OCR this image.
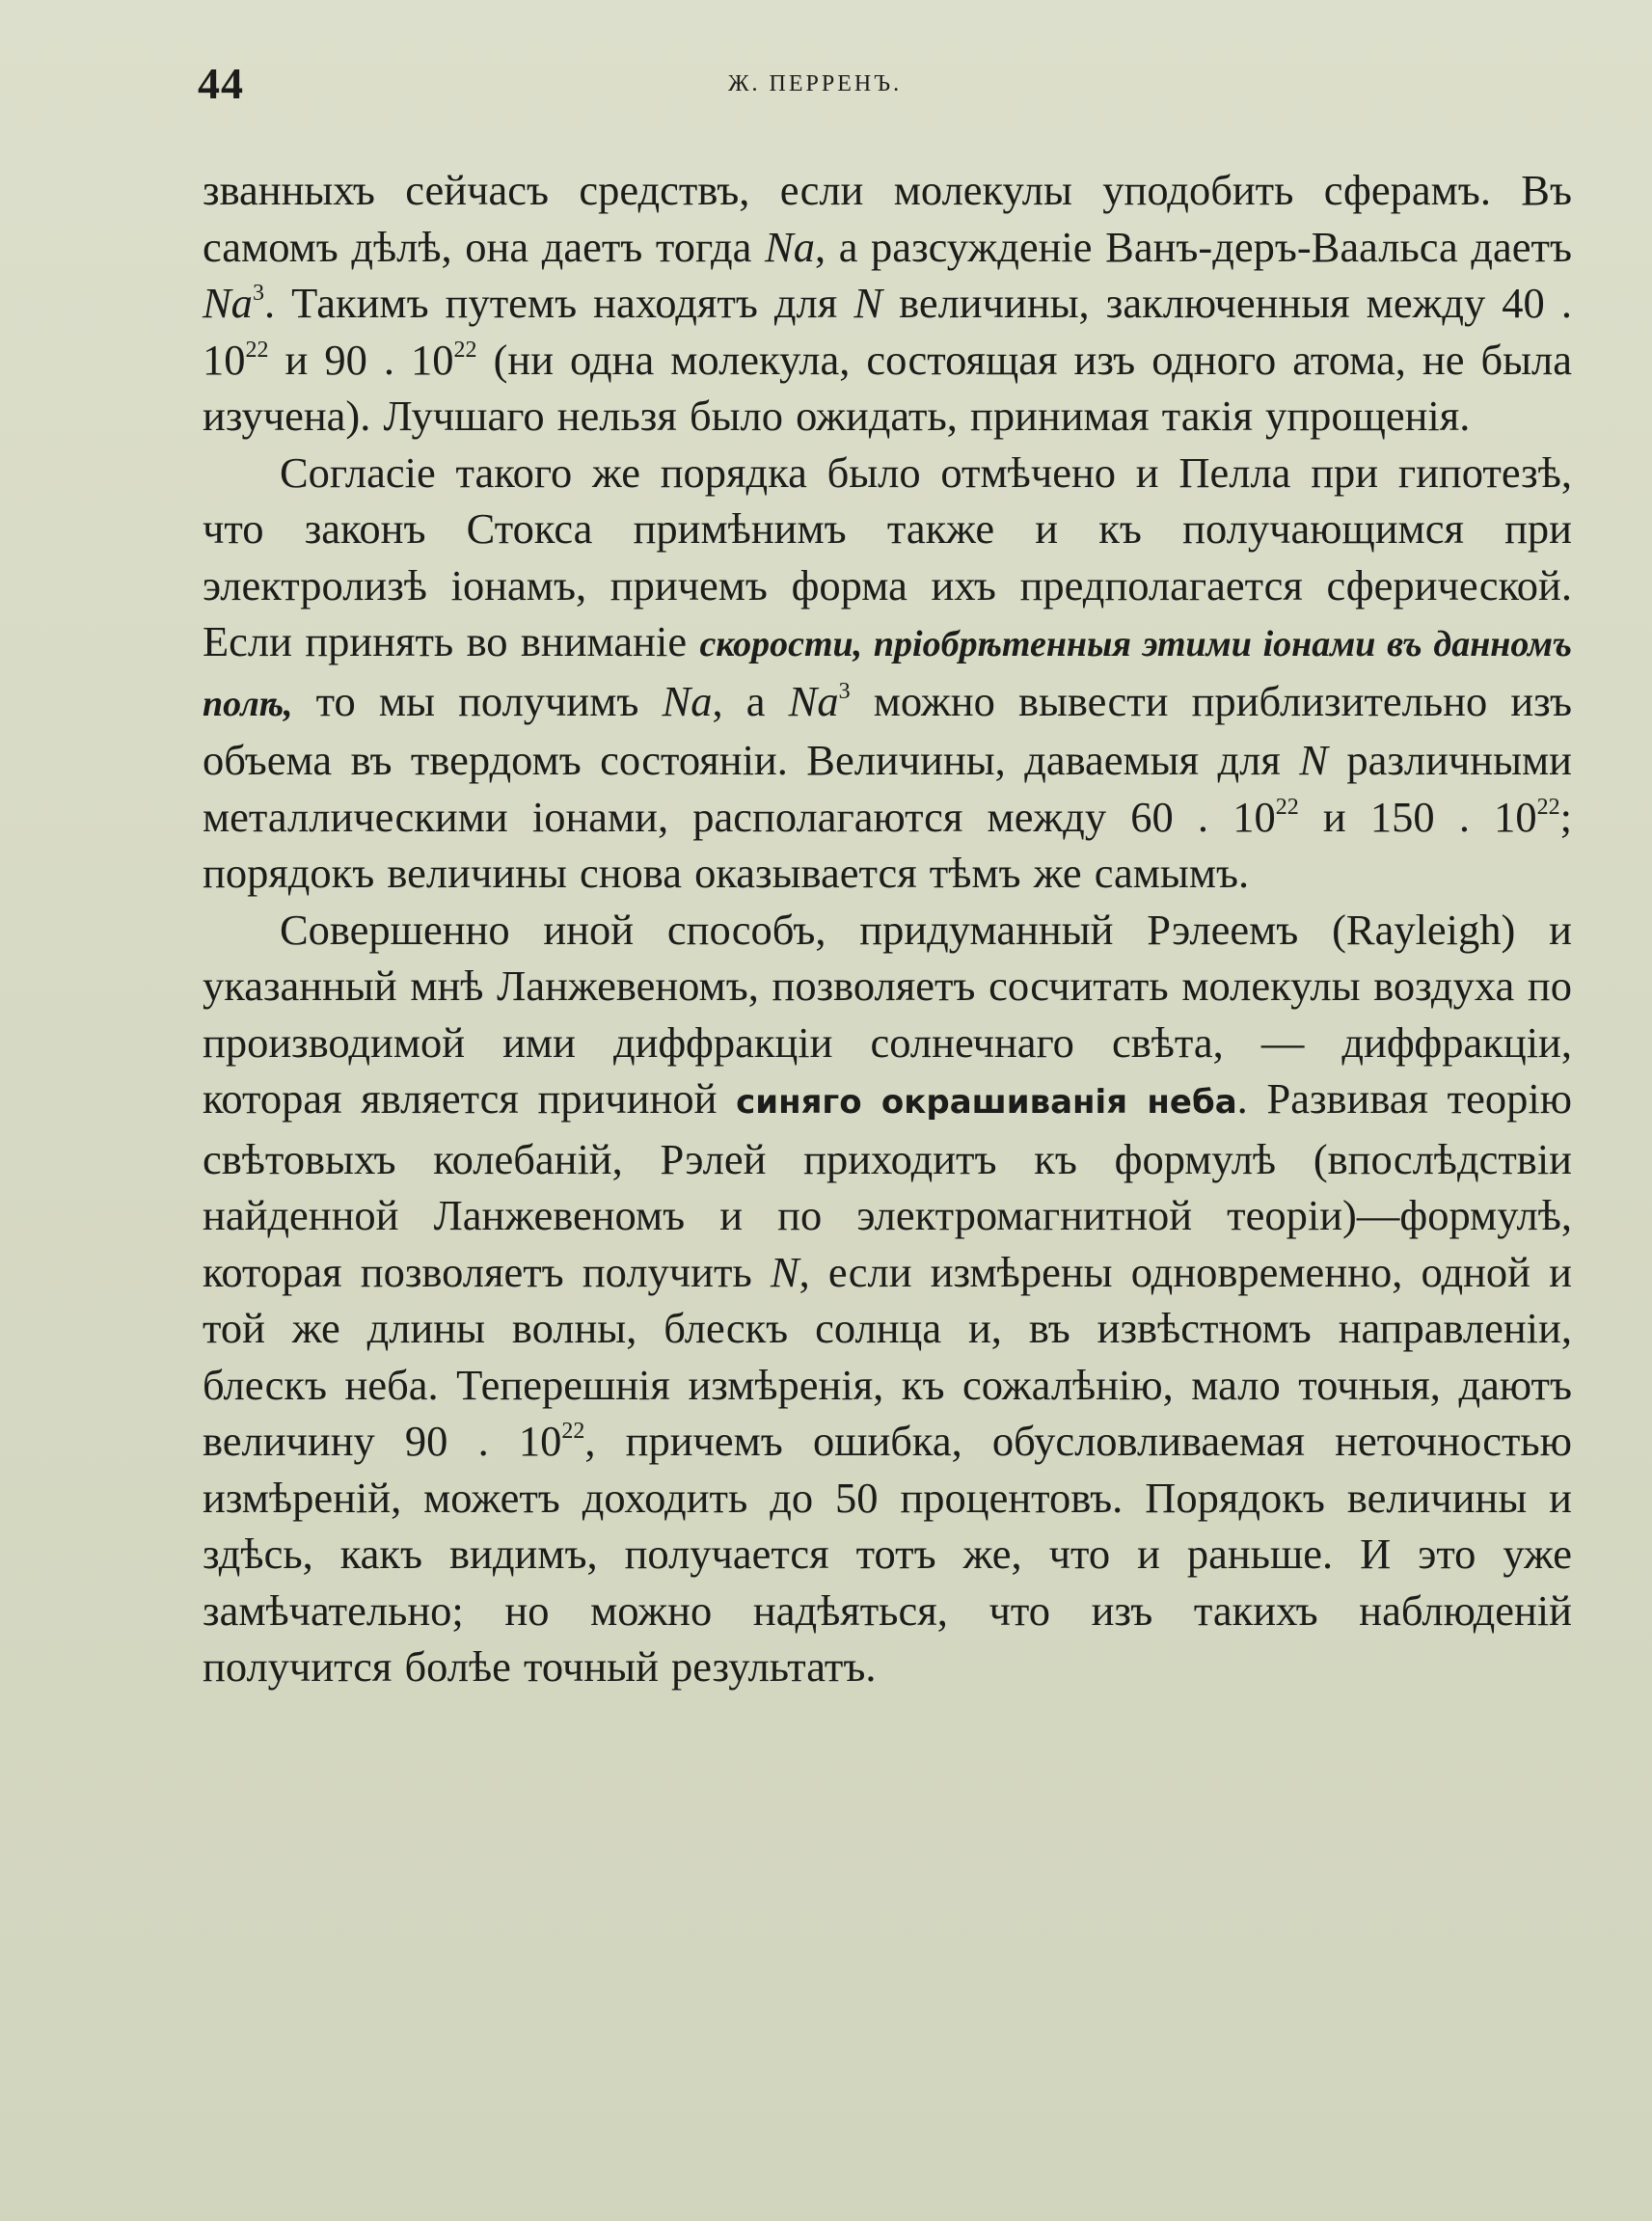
44	Ж. ПЕРРЕНЪ.

званныхъ сейчасъ средствъ, если молекулы уподобить сферамъ. Въ самомъ дѣлѣ, она даетъ тогда Na, а разсужденіе Ванъ-деръ-Ваальса даетъ Na$^3$. Такимъ путемъ находятъ для N величины, заключенныя между 40 . $10^{22}$ и 90 . $10^{22}$ (ни одна молекула, состоящая изъ одного атома, не была изучена). Лучшаго нельзя было ожидать, принимая такія упрощенія.

Согласіе такого же порядка было отмѣчено и Пелла при гипотезѣ, что законъ Стокса примѣнимъ также и къ получающимся при электролизѣ іонамъ, причемъ форма ихъ предполагается сферической. Если принять во вниманіе скорости, пріобрѣтенныя этими іонами въ данномъ полѣ, то мы получимъ Na, а Na$^3$ можно вывести приблизительно изъ объема въ твердомъ состояніи. Величины, даваемыя для N различными металлическими іонами, располагаются между 60 . $10^{22}$ и 150 . $10^{22}$; порядокъ величины снова оказывается тѣмъ же самымъ.

Совершенно иной способъ, придуманный Рэлеемъ (Rayleigh) и указанный мнѣ Ланжевеномъ, позволяетъ сосчитать молекулы воздуха по производимой ими диффракціи солнечнаго свѣта, — диффракціи, которая является причиной синяго окрашиванія неба. Развивая теорію свѣтовыхъ колебаній, Рэлей приходитъ къ формулѣ (впослѣдствіи найденной Ланжевеномъ и по электромагнитной теоріи)—формулѣ, которая позволяетъ получить N, если измѣрены одновременно, одной и той же длины волны, блескъ солнца и, въ извѣстномъ направленіи, блескъ неба. Теперешнія измѣренія, къ сожалѣнію, мало точныя, даютъ величину 90 . $10^{22}$, причемъ ошибка, обусловливаемая неточностью измѣреній, можетъ доходить до 50 процентовъ. Порядокъ величины и здѣсь, какъ видимъ, получается тотъ же, что и раньше. И это уже замѣчательно; но можно надѣяться, что изъ такихъ наблюденій получится болѣе точный результатъ.
